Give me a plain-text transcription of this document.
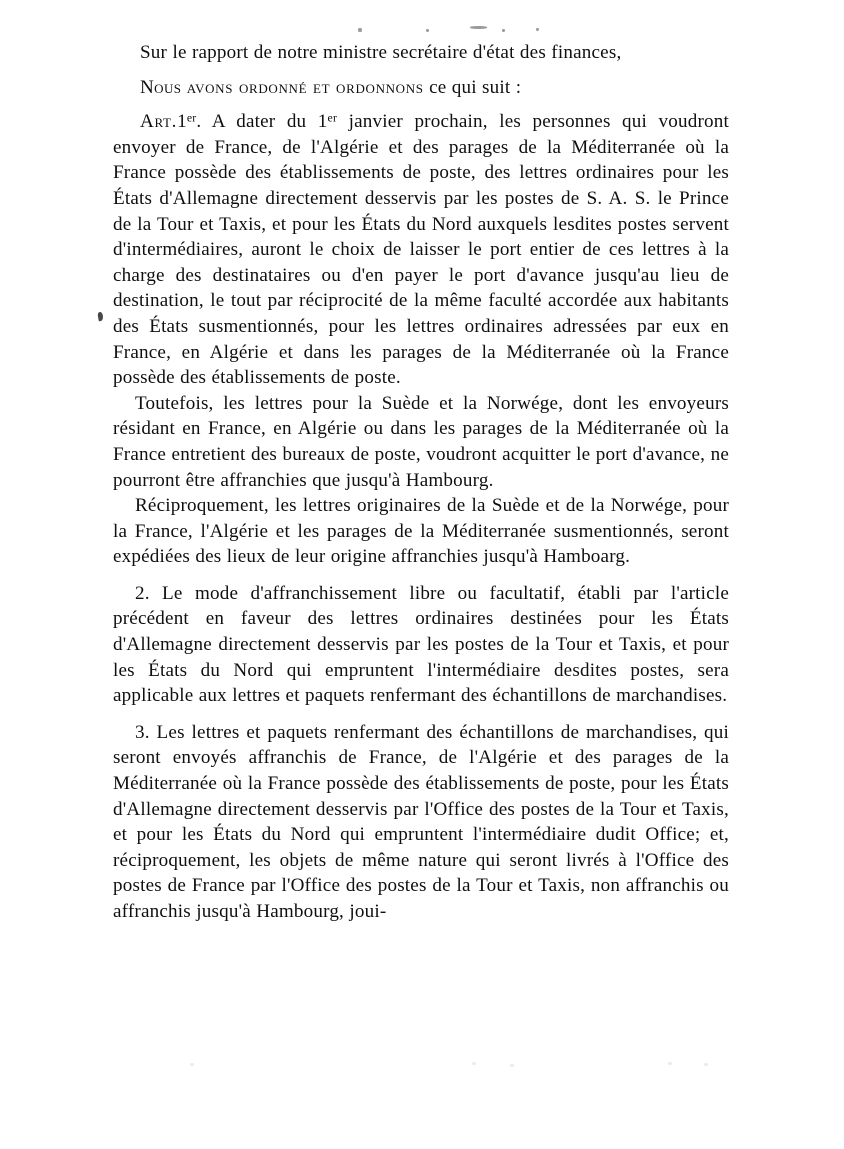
Sur le rapport de notre ministre secrétaire d'état des finances,

Nous avons ordonné et ordonnons ce qui suit :

Art.1er. A dater du 1er janvier prochain, les personnes qui voudront envoyer de France, de l'Algérie et des parages de la Méditerranée où la France possède des établissements de poste, des lettres ordinaires pour les États d'Allemagne directement desservis par les postes de S. A. S. le Prince de la Tour et Taxis, et pour les États du Nord auxquels lesdites postes servent d'intermédiaires, auront le choix de laisser le port entier de ces lettres à la charge des destinataires ou d'en payer le port d'avance jusqu'au lieu de destination, le tout par réciprocité de la même faculté accordée aux habitants des États susmentionnés, pour les lettres ordinaires adressées par eux en France, en Algérie et dans les parages de la Méditerranée où la France possède des établissements de poste.

Toutefois, les lettres pour la Suède et la Norwége, dont les envoyeurs résidant en France, en Algérie ou dans les parages de la Méditerranée où la France entretient des bureaux de poste, voudront acquitter le port d'avance, ne pourront être affranchies que jusqu'à Hambourg.

Réciproquement, les lettres originaires de la Suède et de la Norwége, pour la France, l'Algérie et les parages de la Méditerranée susmentionnés, seront expédiées des lieux de leur origine affranchies jusqu'à Hamboarg.

2. Le mode d'affranchissement libre ou facultatif, établi par l'article précédent en faveur des lettres ordinaires destinées pour les États d'Allemagne directement desservis par les postes de la Tour et Taxis, et pour les États du Nord qui empruntent l'intermédiaire desdites postes, sera applicable aux lettres et paquets renfermant des échantillons de marchandises.

3. Les lettres et paquets renfermant des échantillons de marchandises, qui seront envoyés affranchis de France, de l'Algérie et des parages de la Méditerranée où la France possède des établissements de poste, pour les États d'Allemagne directement desservis par l'Office des postes de la Tour et Taxis, et pour les États du Nord qui empruntent l'intermédiaire dudit Office; et, réciproquement, les objets de même nature qui seront livrés à l'Office des postes de France par l'Office des postes de la Tour et Taxis, non affranchis ou affranchis jusqu'à Hambourg, joui-
